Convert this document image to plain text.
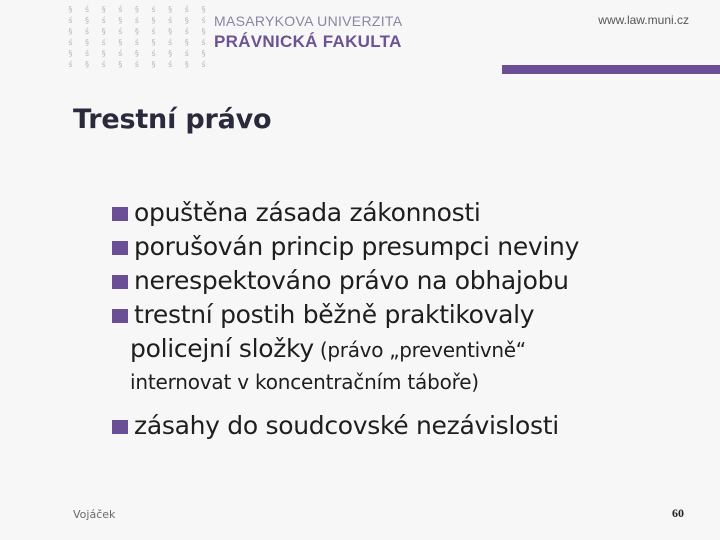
§ ś § ś § ś § ś §
ś § ś § ś § ś § ś
§ ś § ś § ś § ś §
ś § ś § ś § ś § ś
§ ś § ś § ś § ś §
ś § ś § ś § ś § ś
MASARYKOVA UNIVERZITA
PRÁVNICKÁ FAKULTA
www.law.muni.cz
Trestní právo
opuštěna zásada zákonnosti
porušován princip presumpci neviny
nerespektováno právo na obhajobu
trestní postih běžně praktikovaly
policejní složky (právo „preventivně“
internovat v koncentračním táboře)
zásahy do soudcovské nezávislosti
Vojáček	60
